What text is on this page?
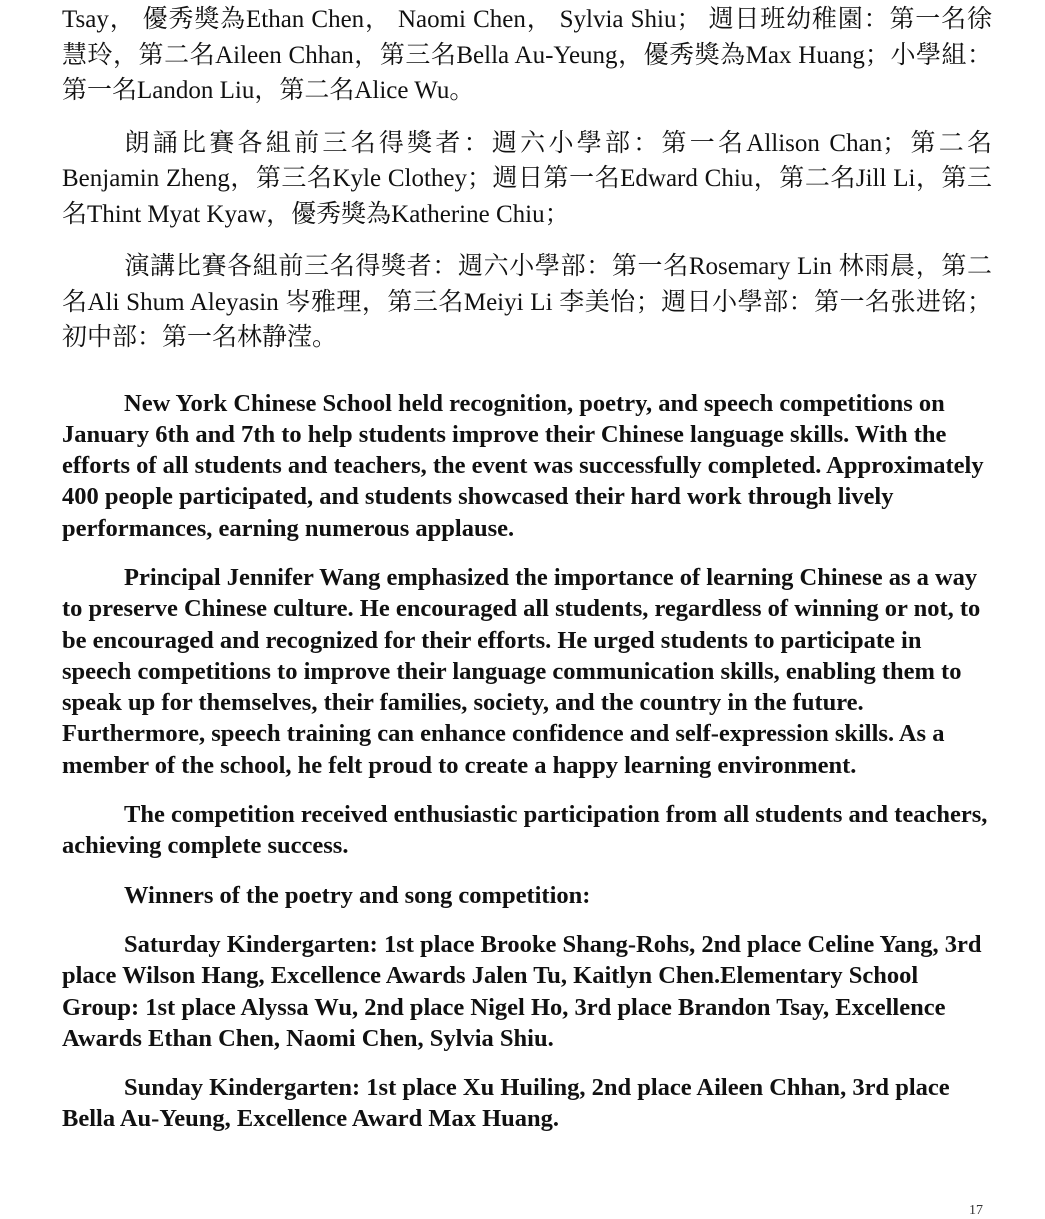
Tsay， 優秀獎為Ethan Chen， Naomi Chen， Sylvia Shiu； 週日班幼稚園：第一名徐慧玲，第二名Aileen Chhan，第三名Bella Au-Yeung，優秀獎為Max Huang；小學組：第一名Landon Liu，第二名Alice Wu。

朗誦比賽各組前三名得獎者：週六小學部：第一名Allison Chan；第二名Benjamin Zheng，第三名Kyle Clothey；週日第一名Edward Chiu，第二名Jill Li，第三名Thint Myat Kyaw，優秀獎為Katherine Chiu；

演講比賽各組前三名得獎者：週六小學部：第一名Rosemary Lin 林雨晨，第二名Ali Shum Aleyasin 岑雅理，第三名Meiyi Li 李美怡；週日小學部：第一名张进铭；初中部：第一名林静滢。

New York Chinese School held recognition, poetry, and speech competitions on January 6th and 7th to help students improve their Chinese language skills. With the efforts of all students and teachers, the event was successfully completed. Approximately 400 people participated, and students showcased their hard work through lively performances, earning numerous applause.

Principal Jennifer Wang emphasized the importance of learning Chinese as a way to preserve Chinese culture. He encouraged all students, regardless of winning or not, to be encouraged and recognized for their efforts. He urged students to participate in speech competitions to improve their language communication skills, enabling them to speak up for themselves, their families, society, and the country in the future. Furthermore, speech training can enhance confidence and self-expression skills. As a member of the school, he felt proud to create a happy learning environment.

The competition received enthusiastic participation from all students and teachers, achieving complete success.

Winners of the poetry and song competition:

Saturday Kindergarten: 1st place Brooke Shang-Rohs, 2nd place Celine Yang, 3rd place Wilson Hang, Excellence Awards Jalen Tu, Kaitlyn Chen.Elementary School Group: 1st place Alyssa Wu, 2nd place Nigel Ho, 3rd place Brandon Tsay, Excellence Awards Ethan Chen, Naomi Chen, Sylvia Shiu.

Sunday Kindergarten: 1st place Xu Huiling, 2nd place Aileen Chhan, 3rd place Bella Au-Yeung, Excellence Award Max Huang.

17
